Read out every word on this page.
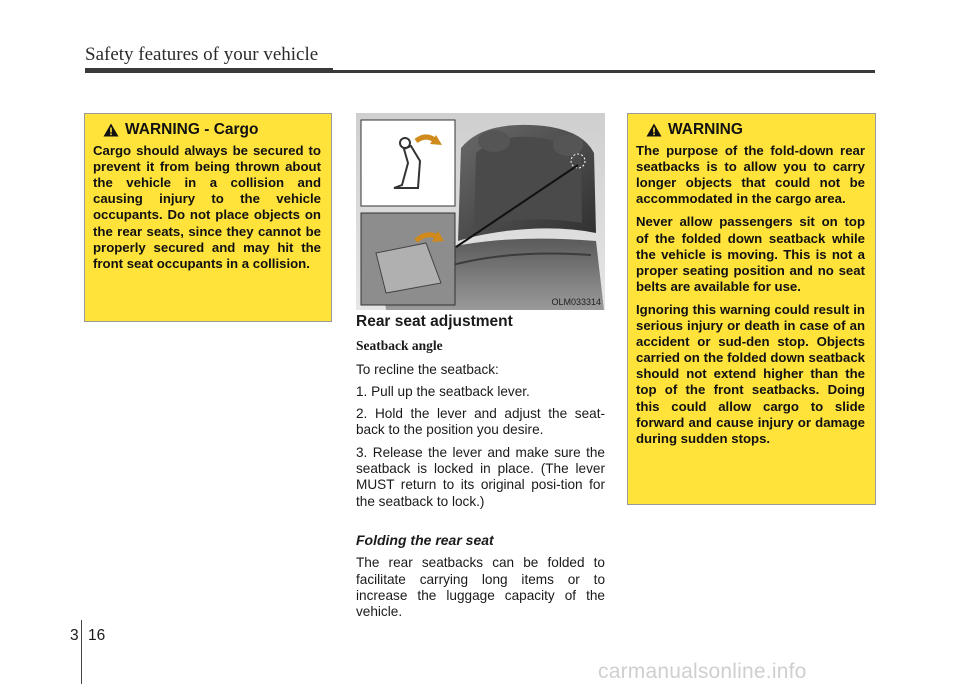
Safety features of your vehicle
WARNING
- Cargo

Cargo should always be secured to prevent it from being thrown about the vehicle in a collision and causing injury to the vehicle occupants. Do not place objects on the rear seats, since they cannot be properly secured and may hit the front seat occupants in a collision.

OLM033314
Rear seat adjustment
Seatback angle

To recline the seatback:

1. Pull up the seatback lever.

2. Hold the lever and adjust the seat-back to the position you desire.

3. Release the lever and make sure the seatback is locked in place. (The lever MUST return to its original posi-tion for the seatback to lock.)

Folding the rear seat

The rear seatbacks can be folded to facilitate carrying long items or to increase the luggage capacity of the vehicle.

WARNING

The purpose of the fold-down rear seatbacks is to allow you to carry longer objects that could not be accommodated in the cargo area.

Never allow passengers sit on top of the folded down seatback while the vehicle is moving. This is not a proper seating position and no seat belts are available for use.

Ignoring this warning could result in serious injury or death in case of an accident or sud-den stop. Objects carried on the folded down seatback should not extend higher than the top of the front seatbacks. Doing this could allow cargo to slide forward and cause injury or damage during sudden stops.

3 16
carmanualsonline.info
